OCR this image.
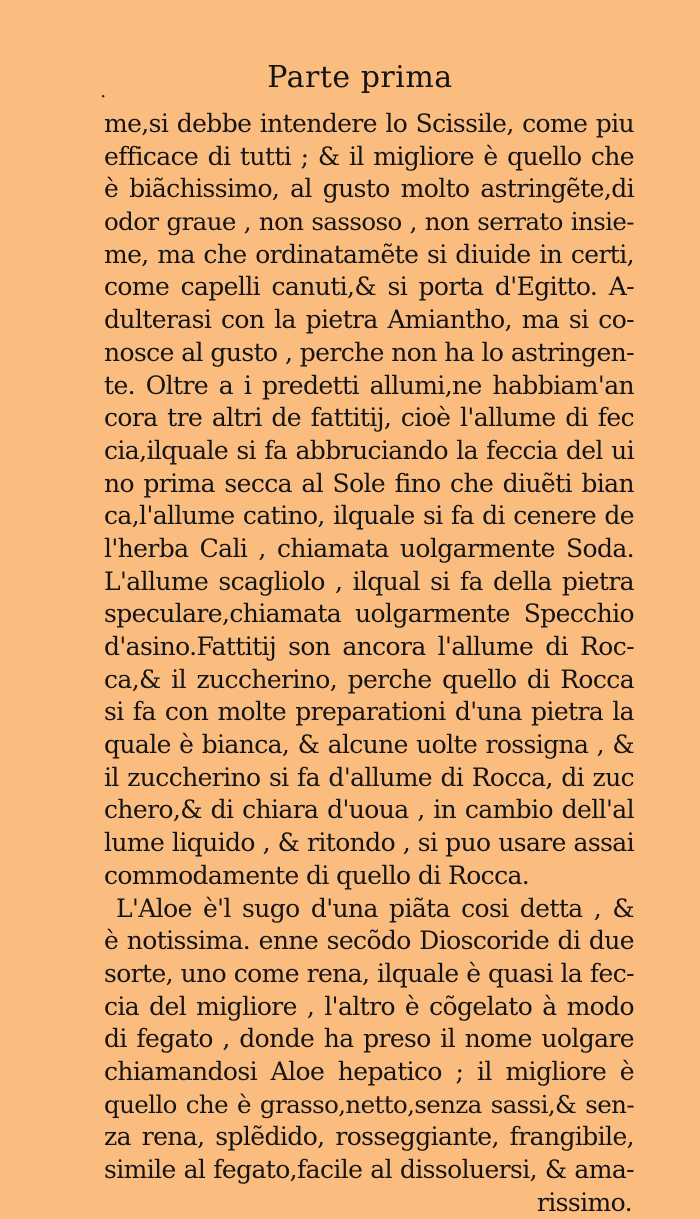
·
Parte prima
me,si debbe intendere lo Scissile, come piu
efficace di tutti ; & il migliore è quello che
è biãchissimo, al gusto molto astringẽte,di
odor graue , non sassoso , non serrato insie-
me, ma che ordinatamẽte si diuide in certi,
come capelli canuti,& si porta d'Egitto. A-
dulterasi con la pietra Amiantho, ma si co-
nosce al gusto , perche non ha lo astringen-
te. Oltre a i predetti allumi,ne habbiam'an
cora tre altri de fattitij, cioè l'allume di fec
cia,ilquale si fa abbruciando la feccia del ui
no prima secca al Sole fino che diuẽti bian
ca,l'allume catino, ilquale si fa di cenere de
l'herba Cali , chiamata uolgarmente Soda.
L'allume scagliolo , ilqual si fa della pietra
speculare,chiamata uolgarmente Specchio
d'asino.Fattitij son ancora l'allume di Roc-
ca,& il zuccherino, perche quello di Rocca
si fa con molte preparationi d'una pietra la
quale è bianca, & alcune uolte rossigna , &
il zuccherino si fa d'allume di Rocca, di zuc
chero,& di chiara d'uoua , in cambio dell'al
lume liquido , & ritondo , si puo usare assai
commodamente di quello di Rocca.
L'Aloe è'l sugo d'una piãta cosi detta , &
è notissima. enne secõdo Dioscoride di due
sorte, uno come rena, ilquale è quasi la fec-
cia del migliore , l'altro è cõgelato à modo
di fegato , donde ha preso il nome uolgare
chiamandosi Aloe hepatico ; il migliore è
quello che è grasso,netto,senza sassi,& sen-
za rena, splẽdido, rosseggiante, frangibile,
simile al fegato,facile al dissoluersi, & ama-
rissimo.
